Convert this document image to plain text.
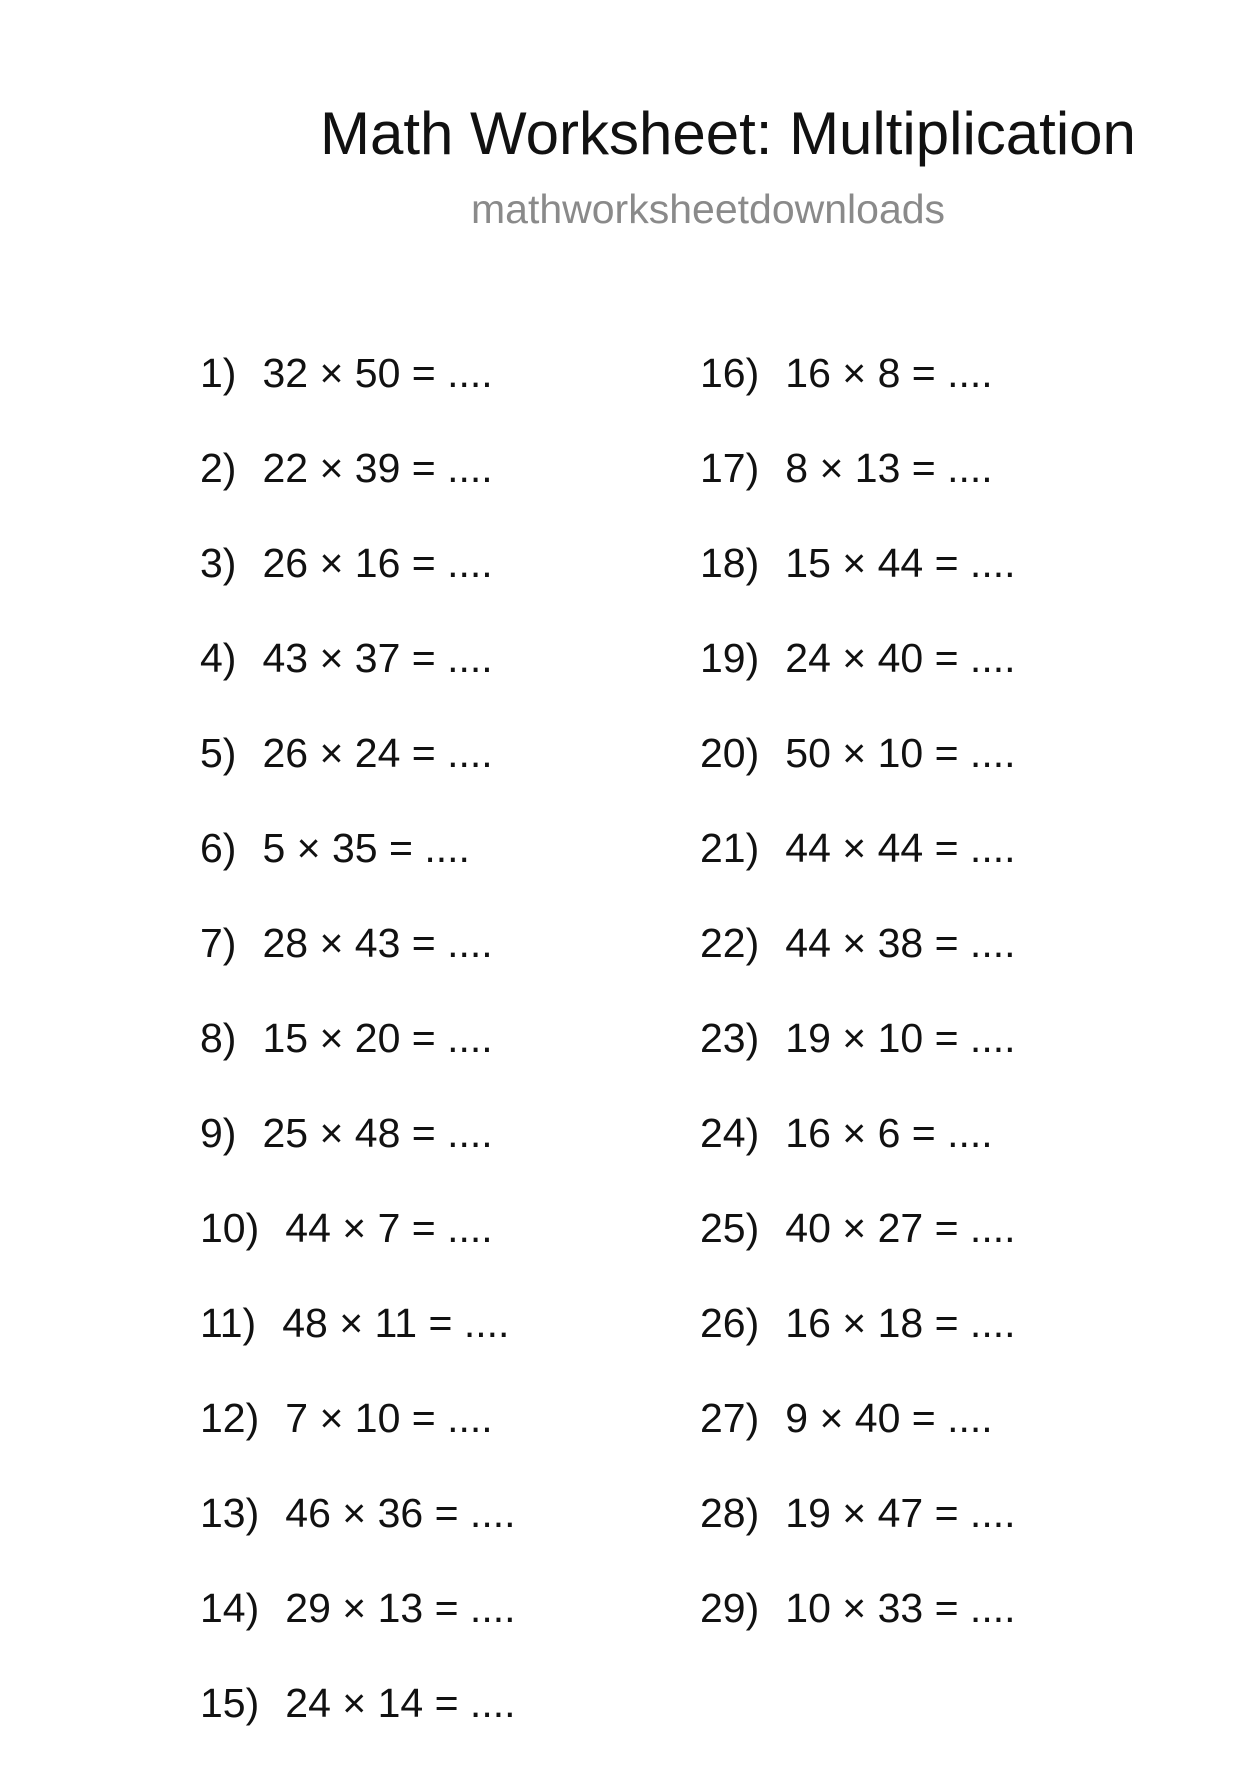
Math Worksheet: Multiplication
mathworksheetdownloads
1) 32 × 50 = ....
2) 22 × 39 = ....
3) 26 × 16 = ....
4) 43 × 37 = ....
5) 26 × 24 = ....
6) 5 × 35 = ....
7) 28 × 43 = ....
8) 15 × 20 = ....
9) 25 × 48 = ....
10) 44 × 7 = ....
11) 48 × 11 = ....
12) 7 × 10 = ....
13) 46 × 36 = ....
14) 29 × 13 = ....
15) 24 × 14 = ....
16) 16 × 8 = ....
17) 8 × 13 = ....
18) 15 × 44 = ....
19) 24 × 40 = ....
20) 50 × 10 = ....
21) 44 × 44 = ....
22) 44 × 38 = ....
23) 19 × 10 = ....
24) 16 × 6 = ....
25) 40 × 27 = ....
26) 16 × 18 = ....
27) 9 × 40 = ....
28) 19 × 47 = ....
29) 10 × 33 = ....
